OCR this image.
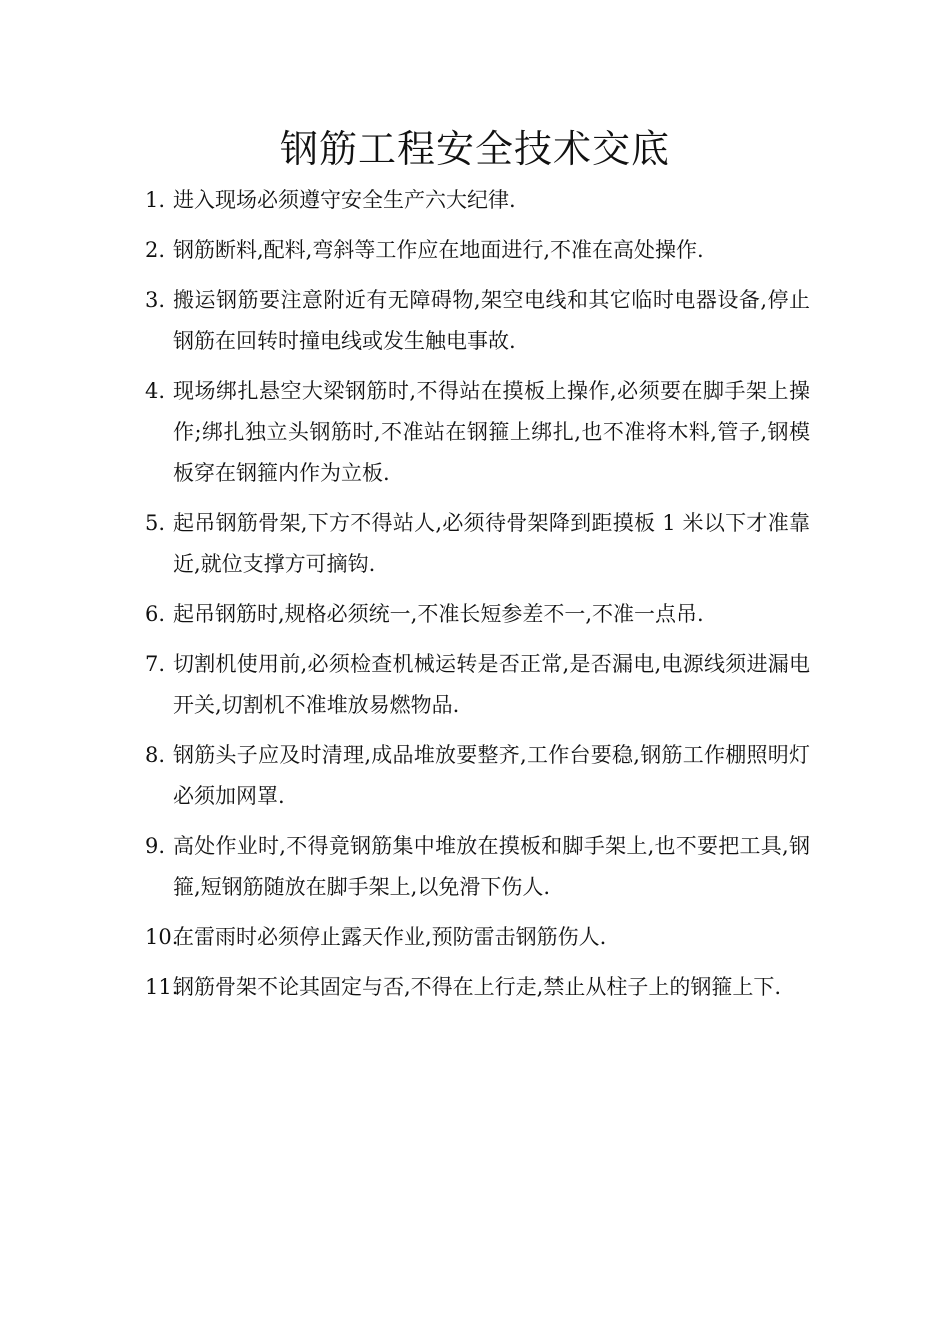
钢筋工程安全技术交底
1. 进入现场必须遵守安全生产六大纪律.
2. 钢筋断料,配料,弯斜等工作应在地面进行,不准在高处操作.
3. 搬运钢筋要注意附近有无障碍物,架空电线和其它临时电器设备,停止钢筋在回转时撞电线或发生触电事故.
4. 现场绑扎悬空大梁钢筋时,不得站在摸板上操作,必须要在脚手架上操作;绑扎独立头钢筋时,不准站在钢箍上绑扎,也不准将木料,管子,钢模板穿在钢箍内作为立板.
5. 起吊钢筋骨架,下方不得站人,必须待骨架降到距摸板 1 米以下才准靠近,就位支撑方可摘钩.
6. 起吊钢筋时,规格必须统一,不准长短参差不一,不准一点吊.
7. 切割机使用前,必须检查机械运转是否正常,是否漏电,电源线须进漏电开关,切割机不准堆放易燃物品.
8. 钢筋头子应及时清理,成品堆放要整齐,工作台要稳,钢筋工作棚照明灯必须加网罩.
9. 高处作业时,不得竟钢筋集中堆放在摸板和脚手架上,也不要把工具,钢箍,短钢筋随放在脚手架上,以免滑下伤人.
10.
在雷雨时必须停止露天作业,预防雷击钢筋伤人.
11.
钢筋骨架不论其固定与否,不得在上行走,禁止从柱子上的钢箍上下.
